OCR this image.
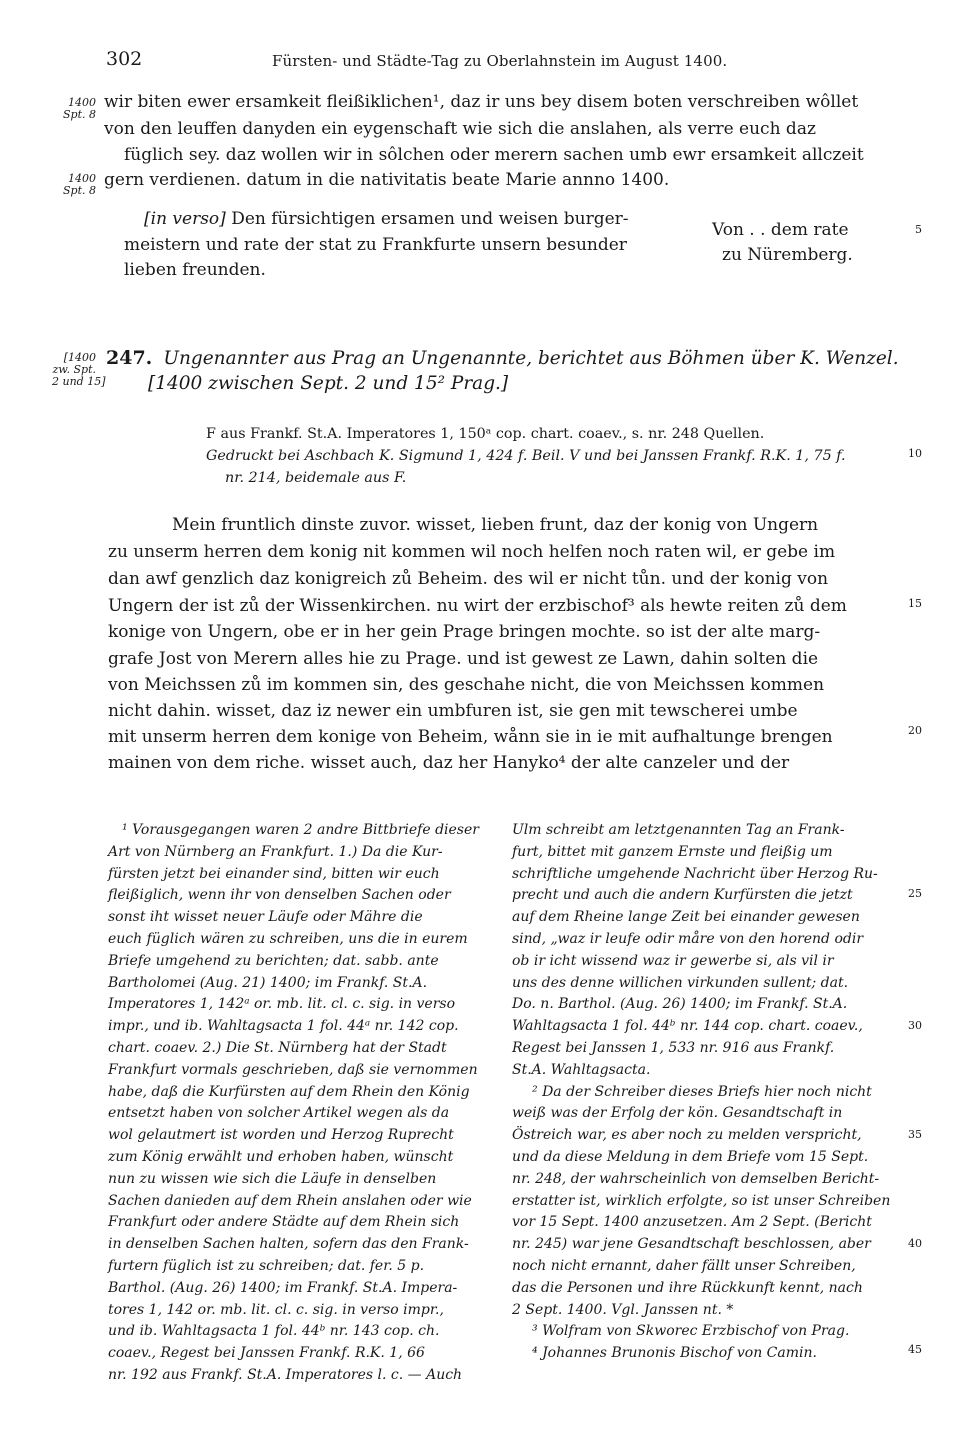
302	Fürsten- und Städte-Tag zu Oberlahnstein im August 1400.
1400
Spt. 8
1400
Spt. 8
[1400
zw. Spt.
2 und 15]
5
10
15
20
25
30
35
40
45
wir biten ewer ersamkeit fleißiklichen¹, daz ir uns bey disem boten verschreiben wôllet
von den leuffen danyden ein eygenschaft wie sich die anslahen, als verre euch daz
füglich sey. daz wollen wir in sôlchen oder merern sachen umb ewr ersamkeit allczeit
gern verdienen. datum in die nativitatis beate Marie annno 1400.
[in verso] Den fürsichtigen ersamen und weisen burger-
meistern und rate der stat zu Frankfurte unsern besunder
lieben freunden.
Von . . dem rate
zu Nüremberg.
247. Ungenannter aus Prag an Ungenannte, berichtet aus Böhmen über K. Wenzel.
[1400 zwischen Sept. 2 und 15² Prag.]
F aus Frankf. St.A. Imperatores 1, 150ᵃ cop. chart. coaev., s. nr. 248 Quellen.
Gedruckt bei Aschbach K. Sigmund 1, 424 f. Beil. V und bei Janssen Frankf. R.K. 1, 75 f.
nr. 214, beidemale aus F.
Mein fruntlich dinste zuvor. wisset, lieben frunt, daz der konig von Ungern
zu unserm herren dem konig nit kommen wil noch helfen noch raten wil, er gebe im
dan awf genzlich daz konigreich zů Beheim. des wil er nicht tůn. und der konig von
Ungern der ist zů der Wissenkirchen. nu wirt der erzbischof³ als hewte reiten zů dem
konige von Ungern, obe er in her gein Prage bringen mochte. so ist der alte marg-
grafe Jost von Merern alles hie zu Prage. und ist gewest ze Lawn, dahin solten die
von Meichssen zů im kommen sin, des geschahe nicht, die von Meichssen kommen
nicht dahin. wisset, daz iz newer ein umbfuren ist, sie gen mit tewscherei umbe
mit unserm herren dem konige von Beheim, wånn sie in ie mit aufhaltunge brengen
mainen von dem riche. wisset auch, daz her Hanyko⁴ der alte canzeler und der
¹ Vorausgegangen waren 2 andre Bittbriefe dieser
Art von Nürnberg an Frankfurt. 1.) Da die Kur-
fürsten jetzt bei einander sind, bitten wir euch
fleißiglich, wenn ihr von denselben Sachen oder
sonst iht wisset neuer Läufe oder Mähre die
euch füglich wären zu schreiben, uns die in eurem
Briefe umgehend zu berichten; dat. sabb. ante
Bartholomei (Aug. 21) 1400; im Frankf. St.A.
Imperatores 1, 142ᵃ or. mb. lit. cl. c. sig. in verso
impr., und ib. Wahltagsacta 1 fol. 44ᵃ nr. 142 cop.
chart. coaev. 2.) Die St. Nürnberg hat der Stadt
Frankfurt vormals geschrieben, daß sie vernommen
habe, daß die Kurfürsten auf dem Rhein den König
entsetzt haben von solcher Artikel wegen als da
wol gelautmert ist worden und Herzog Ruprecht
zum König erwählt und erhoben haben, wünscht
nun zu wissen wie sich die Läufe in denselben
Sachen danieden auf dem Rhein anslahen oder wie
Frankfurt oder andere Städte auf dem Rhein sich
in denselben Sachen halten, sofern das den Frank-
furtern füglich ist zu schreiben; dat. fer. 5 p.
Barthol. (Aug. 26) 1400; im Frankf. St.A. Impera-
tores 1, 142 or. mb. lit. cl. c. sig. in verso impr.,
und ib. Wahltagsacta 1 fol. 44ᵇ nr. 143 cop. ch.
coaev., Regest bei Janssen Frankf. R.K. 1, 66
nr. 192 aus Frankf. St.A. Imperatores l. c. — Auch
Ulm schreibt am letztgenannten Tag an Frank-
furt, bittet mit ganzem Ernste und fleißig um
schriftliche umgehende Nachricht über Herzog Ru-
precht und auch die andern Kurfürsten die jetzt
auf dem Rheine lange Zeit bei einander gewesen
sind, „waz ir leufe odir måre von den horend odir
ob ir icht wissend waz ir gewerbe si, als vil ir
uns des denne willichen virkunden sullent; dat.
Do. n. Barthol. (Aug. 26) 1400; im Frankf. St.A.
Wahltagsacta 1 fol. 44ᵇ nr. 144 cop. chart. coaev.,
Regest bei Janssen 1, 533 nr. 916 aus Frankf.
St.A. Wahltagsacta.
² Da der Schreiber dieses Briefs hier noch nicht
weiß was der Erfolg der kön. Gesandtschaft in
Östreich war, es aber noch zu melden verspricht,
und da diese Meldung in dem Briefe vom 15 Sept.
nr. 248, der wahrscheinlich von demselben Bericht-
erstatter ist, wirklich erfolgte, so ist unser Schreiben
vor 15 Sept. 1400 anzusetzen. Am 2 Sept. (Bericht
nr. 245) war jene Gesandtschaft beschlossen, aber
noch nicht ernannt, daher fällt unser Schreiben,
das die Personen und ihre Rückkunft kennt, nach
2 Sept. 1400. Vgl. Janssen nt. *
³ Wolfram von Skworec Erzbischof von Prag.
⁴ Johannes Brunonis Bischof von Camin.
